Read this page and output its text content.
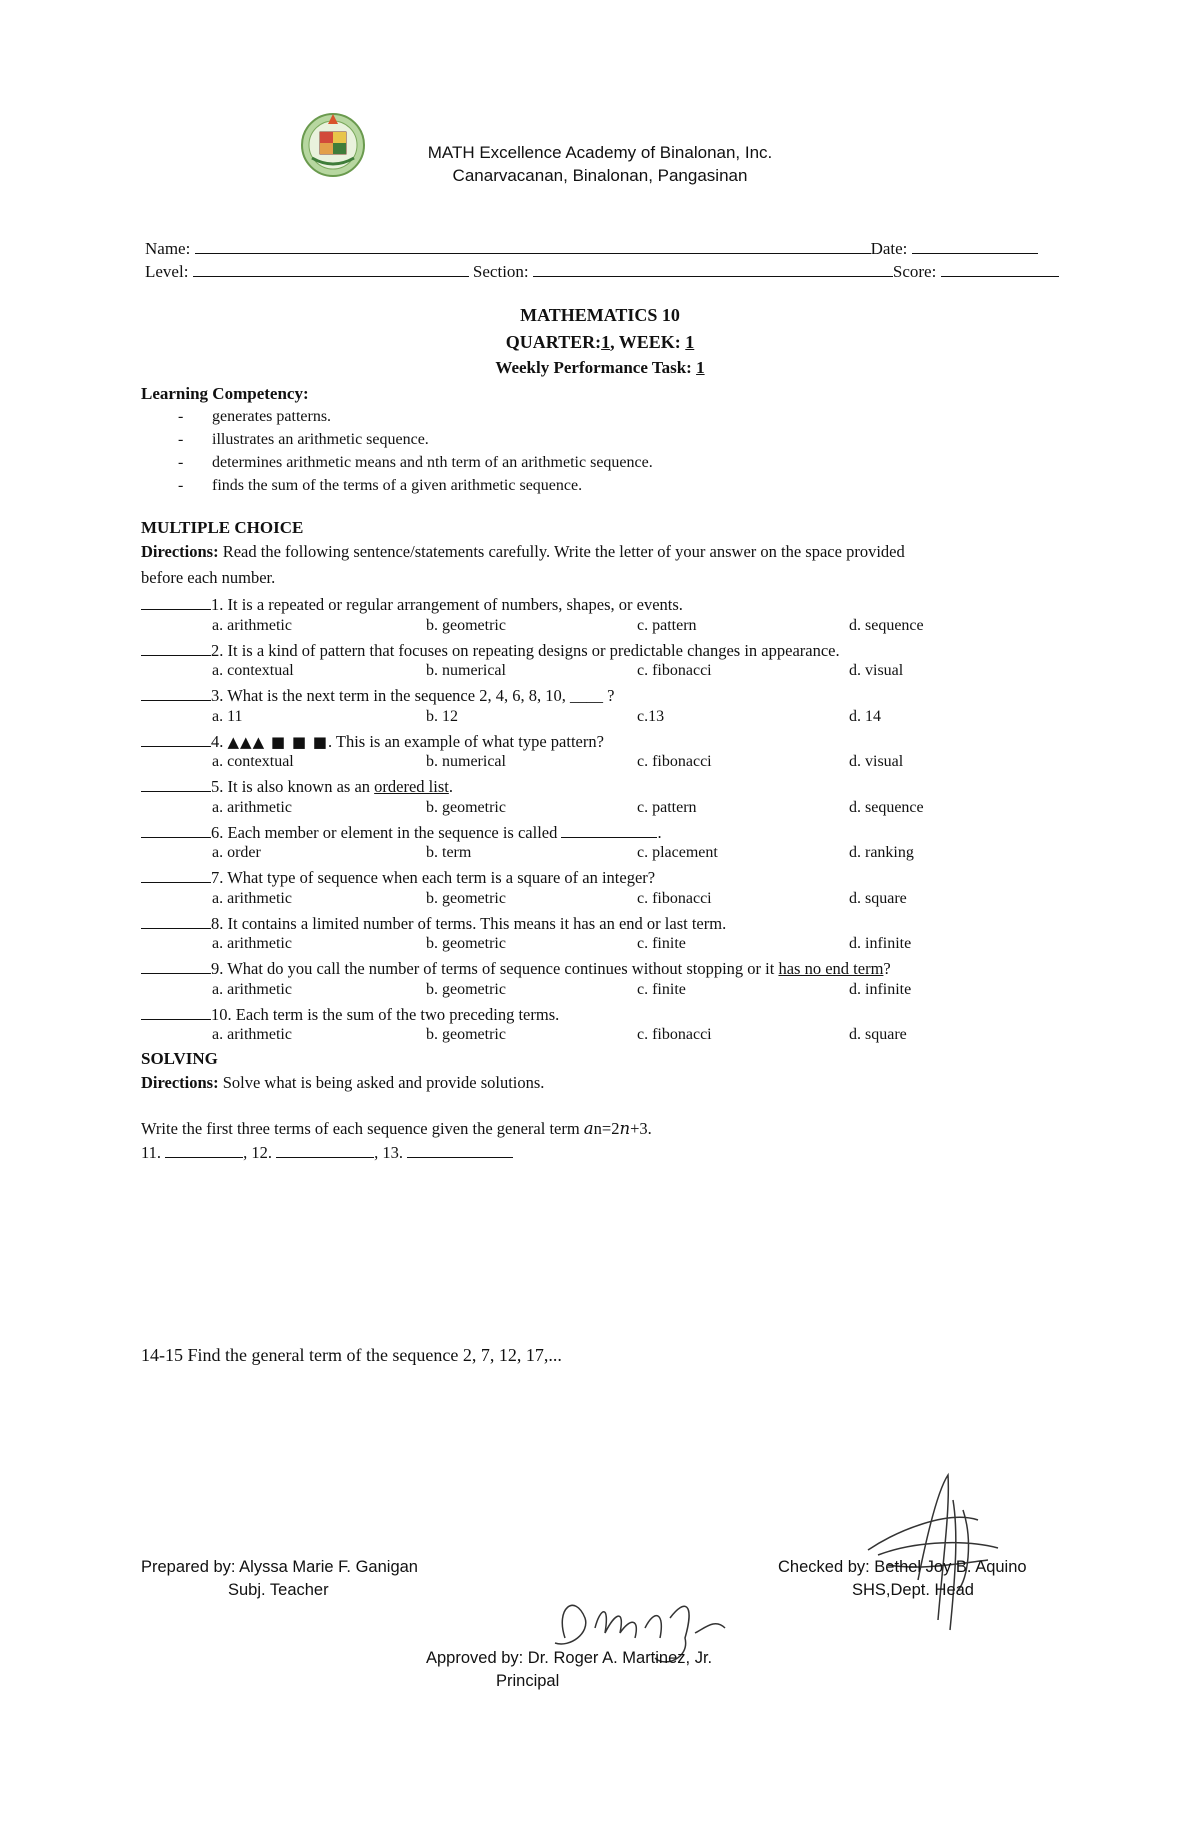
MATH Excellence Academy of Binalonan, Inc.
Canarvacanan, Binalonan, Pangasinan
Name:	Date:
Level:	Section:	Score:
MATHEMATICS 10
QUARTER:1, WEEK: 1
Weekly Performance Task: 1
Learning Competency:
- generates patterns.
- illustrates an arithmetic sequence.
- determines arithmetic means and nth term of an arithmetic sequence.
- finds the sum of the terms of a given arithmetic sequence.
MULTIPLE CHOICE
Directions: Read the following sentence/statements carefully. Write the letter of your answer on the space provided
before each number.
1. It is a repeated or regular arrangement of numbers, shapes, or events.
a. arithmetic	b. geometric	c. pattern	d. sequence
2. It is a kind of pattern that focuses on repeating designs or predictable changes in appearance.
a. contextual	b. numerical	c. fibonacci	d. visual
3. What is the next term in the sequence 2, 4, 6, 8, 10, ____ ?
a. 11	b. 12	c.13	d. 14
4. ▲▲▲ ■ ■ ■. This is an example of what type pattern?
a. contextual	b. numerical	c. fibonacci	d. visual
5. It is also known as an ordered list.
a. arithmetic	b. geometric	c. pattern	d. sequence
6. Each member or element in the sequence is called	.
a. order	b. term	c. placement	d. ranking
7. What type of sequence when each term is a square of an integer?
a. arithmetic	b. geometric	c. fibonacci	d. square
8. It contains a limited number of terms. This means it has an end or last term.
a. arithmetic	b. geometric	c. finite	d. infinite
9. What do you call the number of terms of sequence continues without stopping or it has no end term?
a. arithmetic	b. geometric	c. finite	d. infinite
10. Each term is the sum of the two preceding terms.
a. arithmetic	b. geometric	c. fibonacci	d. square
SOLVING
Directions: Solve what is being asked and provide solutions.
Write the first three terms of each sequence given the general term 𝑎n=2𝑛+3.
11.	, 12.	, 13.
14-15 Find the general term of the sequence 2, 7, 12, 17,...
Prepared by: Alyssa Marie F. Ganigan
Subj. Teacher
Checked by: Bethel Joy B. Aquino
SHS,Dept. Head
Approved by: Dr. Roger A. Martinez, Jr.
Principal
